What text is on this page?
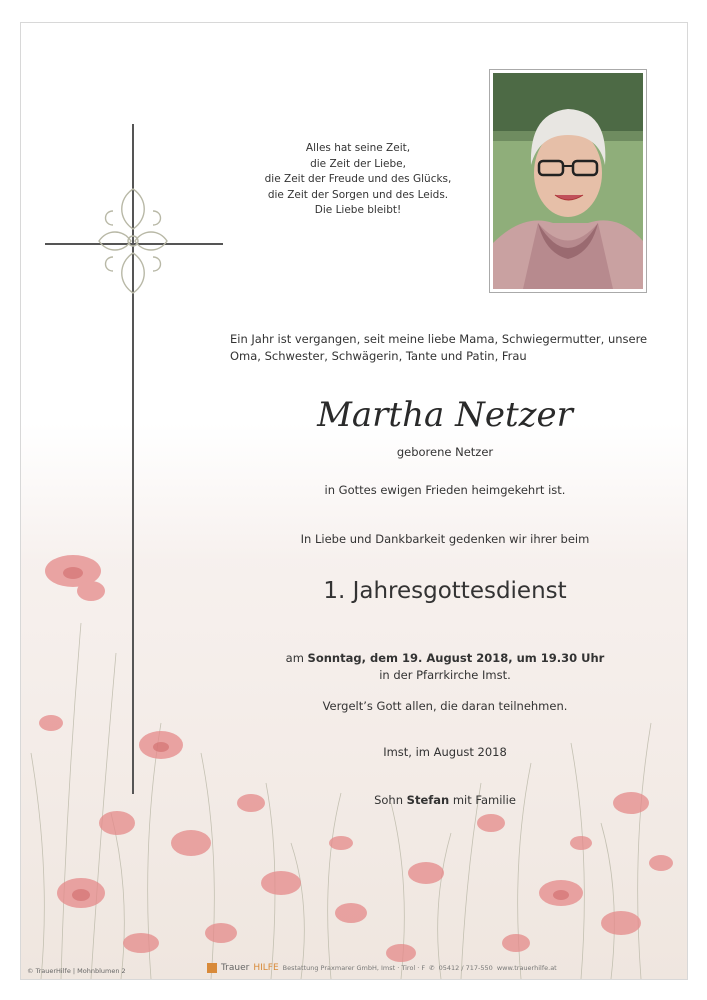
Alles hat seine Zeit,
die Zeit der Liebe,
die Zeit der Freude und des Glücks,
die Zeit der Sorgen und des Leids.
Die Liebe bleibt!
Ein Jahr ist vergangen, seit meine liebe Mama, Schwiegermutter, unsere Oma, Schwester, Schwägerin, Tante und Patin, Frau
Martha Netzer
geborene Netzer
in Gottes ewigen Frieden heimgekehrt ist.
In Liebe und Dankbarkeit gedenken wir ihrer beim
1. Jahresgottesdienst
am Sonntag, dem 19. August 2018, um 19.30 Uhr
in der Pfarrkirche Imst.
Vergelt’s Gott allen, die daran teilnehmen.
Imst, im August 2018
Sohn Stefan mit Familie
© TrauerHilfe | Mohnblumen 2	Trauer HILFE Bestattung Praxmarer GmbH, Imst · Tirol · F ✆ 05412 / 717-550 www.trauerhilfe.at
